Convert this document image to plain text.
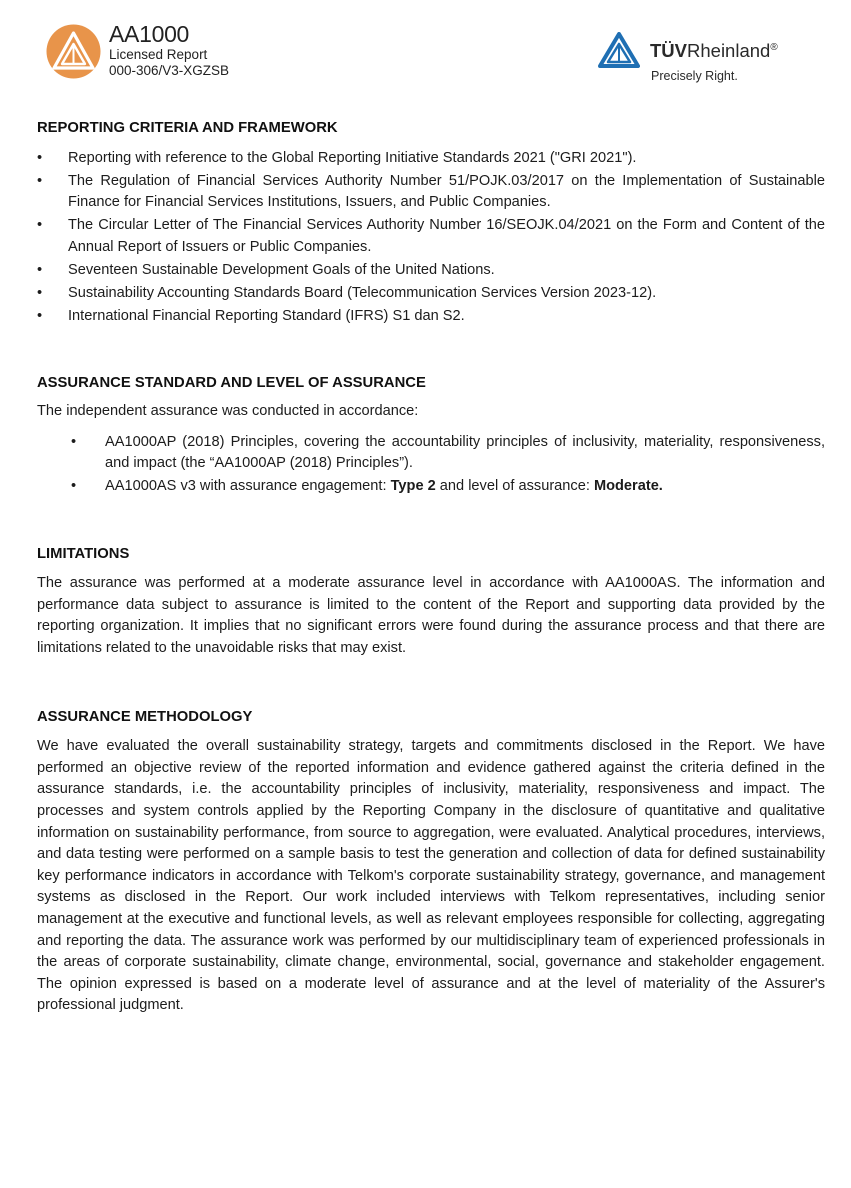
AA1000
Licensed Report
000-306/V3-XGZSB
TÜVRheinland®
Precisely Right.
REPORTING CRITERIA AND FRAMEWORK
• Reporting with reference to the Global Reporting Initiative Standards 2021 ("GRI 2021").
• The Regulation of Financial Services Authority Number 51/POJK.03/2017 on the Implementation of Sustainable Finance for Financial Services Institutions, Issuers, and Public Companies.
• The Circular Letter of The Financial Services Authority Number 16/SEOJK.04/2021 on the Form and Content of the Annual Report of Issuers or Public Companies.
• Seventeen Sustainable Development Goals of the United Nations.
• Sustainability Accounting Standards Board (Telecommunication Services Version 2023-12).
• International Financial Reporting Standard (IFRS) S1 dan S2.
ASSURANCE STANDARD AND LEVEL OF ASSURANCE

The independent assurance was conducted in accordance:

• AA1000AP (2018) Principles, covering the accountability principles of inclusivity, materiality, responsiveness, and impact (the “AA1000AP (2018) Principles”).
• AA1000AS v3 with assurance engagement: Type 2 and level of assurance: Moderate.
LIMITATIONS

The assurance was performed at a moderate assurance level in accordance with AA1000AS. The information and performance data subject to assurance is limited to the content of the Report and supporting data provided by the reporting organization. It implies that no significant errors were found during the assurance process and that there are limitations related to the unavoidable risks that may exist.

ASSURANCE METHODOLOGY

We have evaluated the overall sustainability strategy, targets and commitments disclosed in the Report. We have performed an objective review of the reported information and evidence gathered against the criteria defined in the assurance standards, i.e. the accountability principles of inclusivity, materiality, responsiveness and impact. The processes and system controls applied by the Reporting Company in the disclosure of quantitative and qualitative information on sustainability performance, from source to aggregation, were evaluated. Analytical procedures, interviews, and data testing were performed on a sample basis to test the generation and collection of data for defined sustainability key performance indicators in accordance with Telkom's corporate sustainability strategy, governance, and management systems as disclosed in the Report. Our work included interviews with Telkom representatives, including senior management at the executive and functional levels, as well as relevant employees responsible for collecting, aggregating and reporting the data. The assurance work was performed by our multidisciplinary team of experienced professionals in the areas of corporate sustainability, climate change, environmental, social, governance and stakeholder engagement. The opinion expressed is based on a moderate level of assurance and at the level of materiality of the Assurer's professional judgment.
